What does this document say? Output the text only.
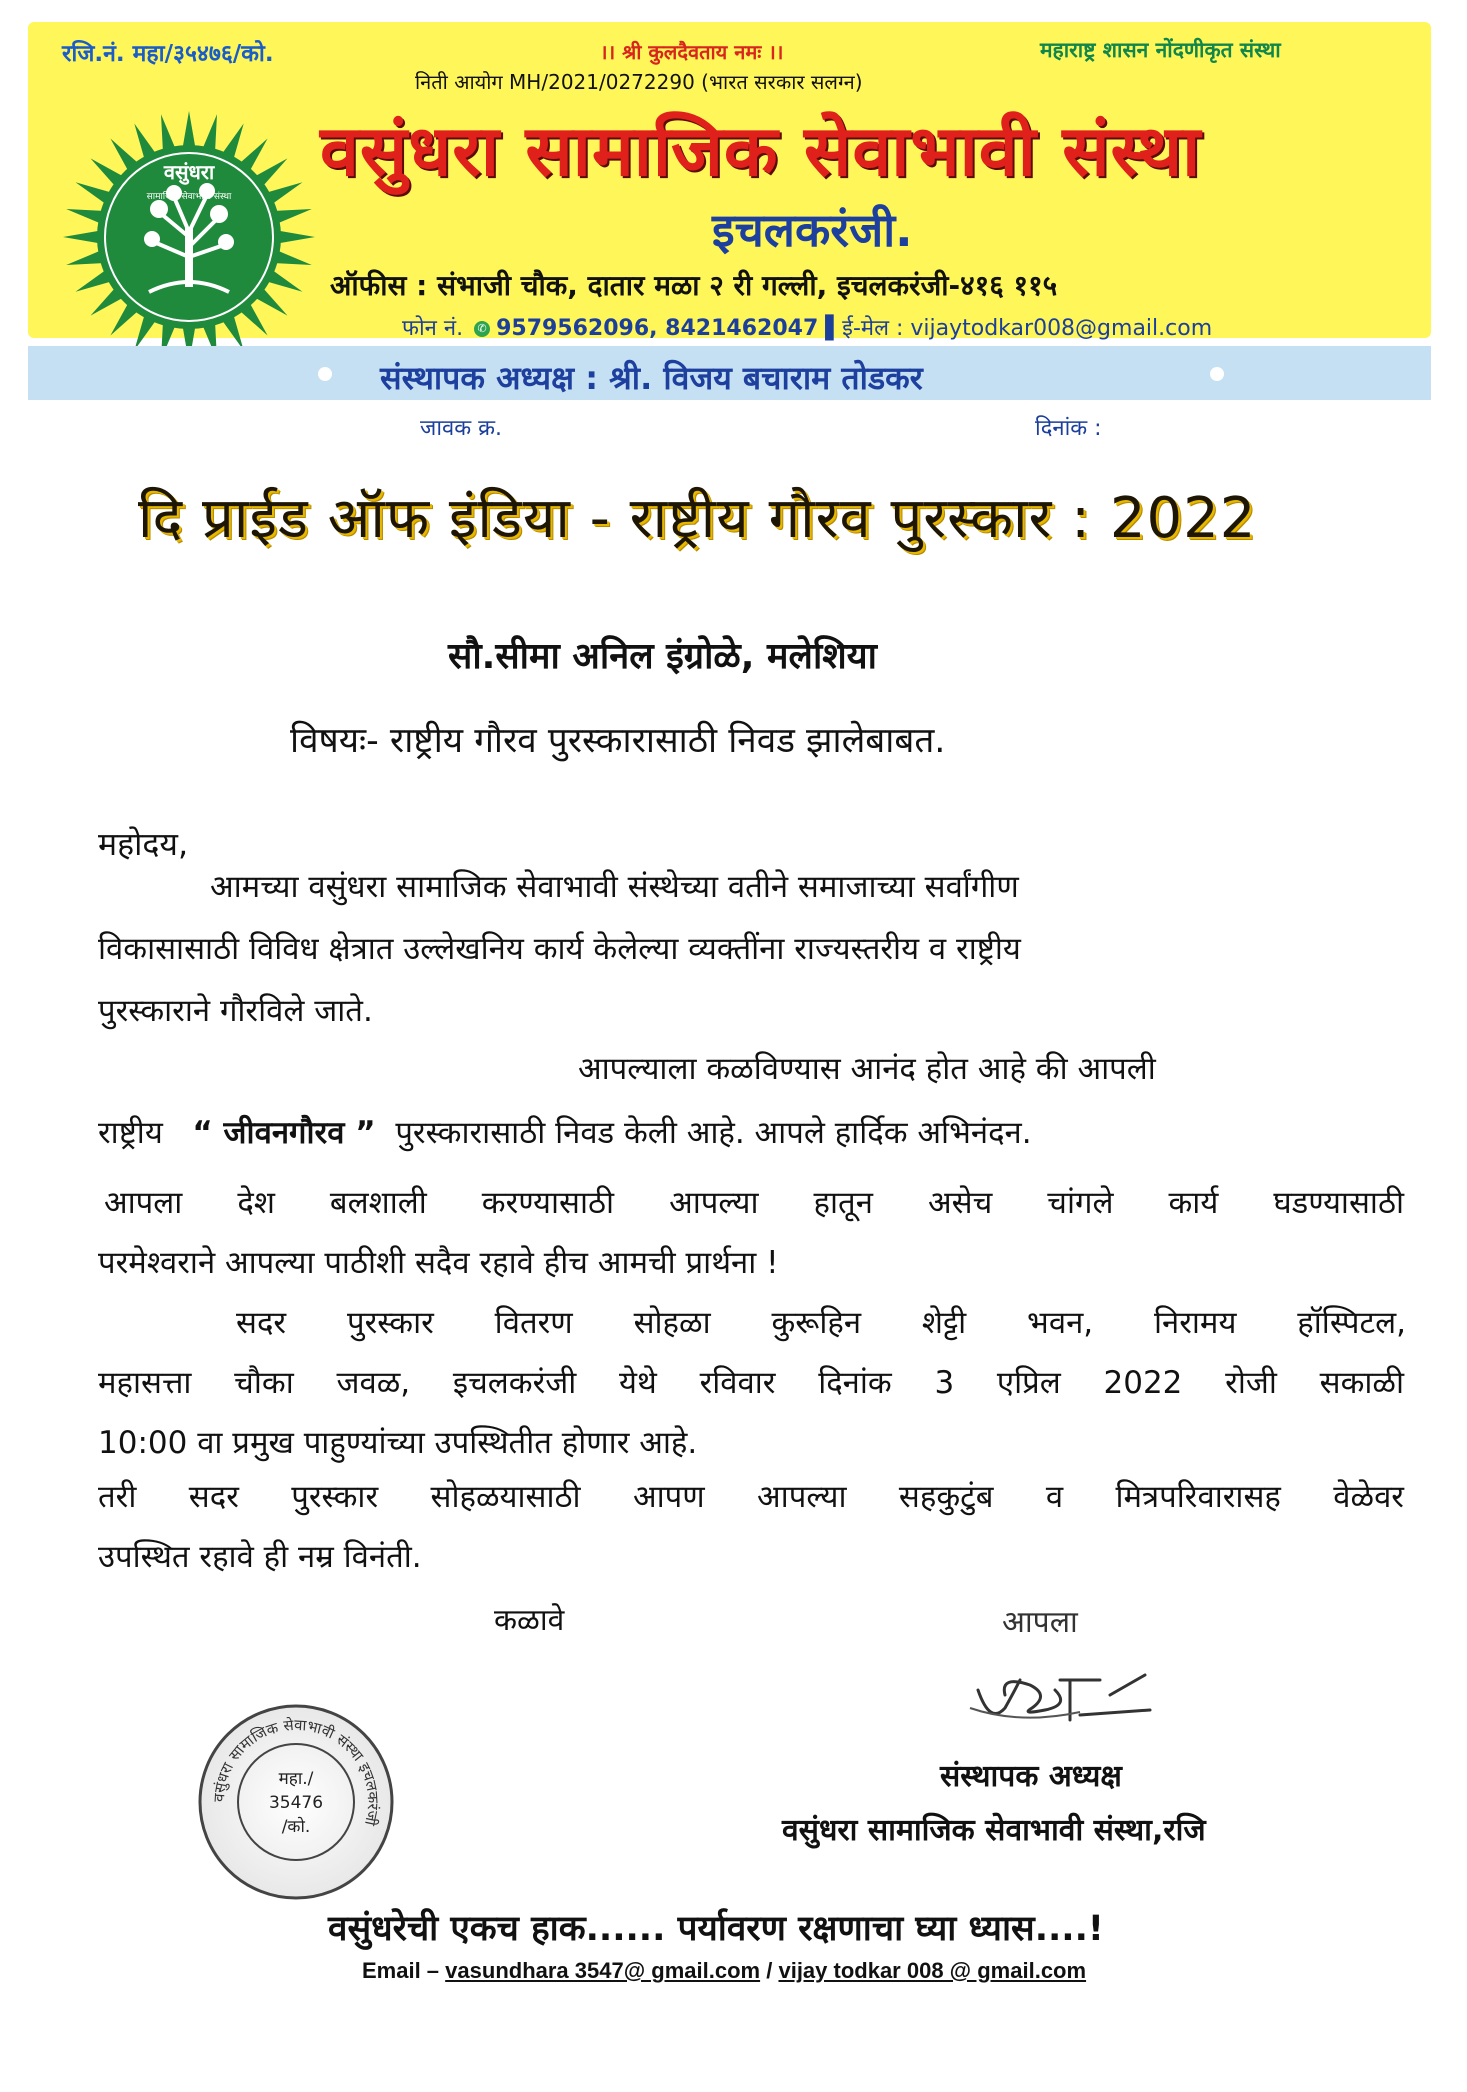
रजि.नं. महा/३५४७६/को.	।। श्री कुलदैवताय नमः ।।	महाराष्ट्र शासन नोंदणीकृत संस्था
निती आयोग MH/2021/0272290 (भारत सरकार सलग्न)
वसुंधरा सामाजिक सेवाभावी संस्था
इचलकरंजी.
ऑफीस : संभाजी चौक, दातार मळा २ री गल्ली, इचलकरंजी-४१६ ११५
फोन नं. ✆ 9579562096, 8421462047 ▌ई-मेल : vijaytodkar008@gmail.com
वसुंधरा
सामाजिक सेवाभावी संस्था
संस्थापक अध्यक्ष : श्री. विजय बचाराम तोडकर
जावक क्र.	दिनांक :
दि प्राईड ऑफ इंडिया - राष्ट्रीय गौरव पुरस्कार : 2022
सौ.सीमा अनिल इंग्रोळे, मलेशिया
विषयः- राष्ट्रीय गौरव पुरस्कारासाठी निवड झालेबाबत.
महोदय,
आमच्या वसुंधरा सामाजिक सेवाभावी संस्थेच्या वतीने समाजाच्या सर्वांगीण
विकासासाठी विविध क्षेत्रात उल्लेखनिय कार्य केलेल्या व्यक्तींना राज्यस्तरीय व राष्ट्रीय
पुरस्काराने गौरविले जाते.
आपल्याला कळविण्यास आनंद होत आहे की आपली
राष्ट्रीय “ जीवनगौरव ” पुरस्कारासाठी निवड केली आहे. आपले हार्दिक अभिनंदन.
आपला देश बलशाली करण्यासाठी आपल्या हातून असेच चांगले कार्य घडण्यासाठी
परमेश्वराने आपल्या पाठीशी सदैव रहावे हीच आमची प्रार्थना !
सदर पुरस्कार वितरण सोहळा कुरूहिन शेट्टी भवन, निरामय हॉस्पिटल,
महासत्ता चौका जवळ, इचलकरंजी येथे रविवार दिनांक 3 एप्रिल 2022 रोजी सकाळी
10:00 वा प्रमुख पाहुण्यांच्या उपस्थितीत होणार आहे.
तरी सदर पुरस्कार सोहळयासाठी आपण आपल्या सहकुटुंब व मित्रपरिवारासह वेळेवर
उपस्थित रहावे ही नम्र विनंती.
कळावे	आपला
वसुंधरा सामाजिक सेवाभावी संस्था इचलकरंजी
महा./
35476
/को.
संस्थापक अध्यक्ष
वसुंधरा सामाजिक सेवाभावी संस्था,रजि
वसुंधरेची एकच हाक...... पर्यावरण रक्षणाचा घ्या ध्यास....!
Email – vasundhara 3547@ gmail.com / vijay todkar 008 @ gmail.com
